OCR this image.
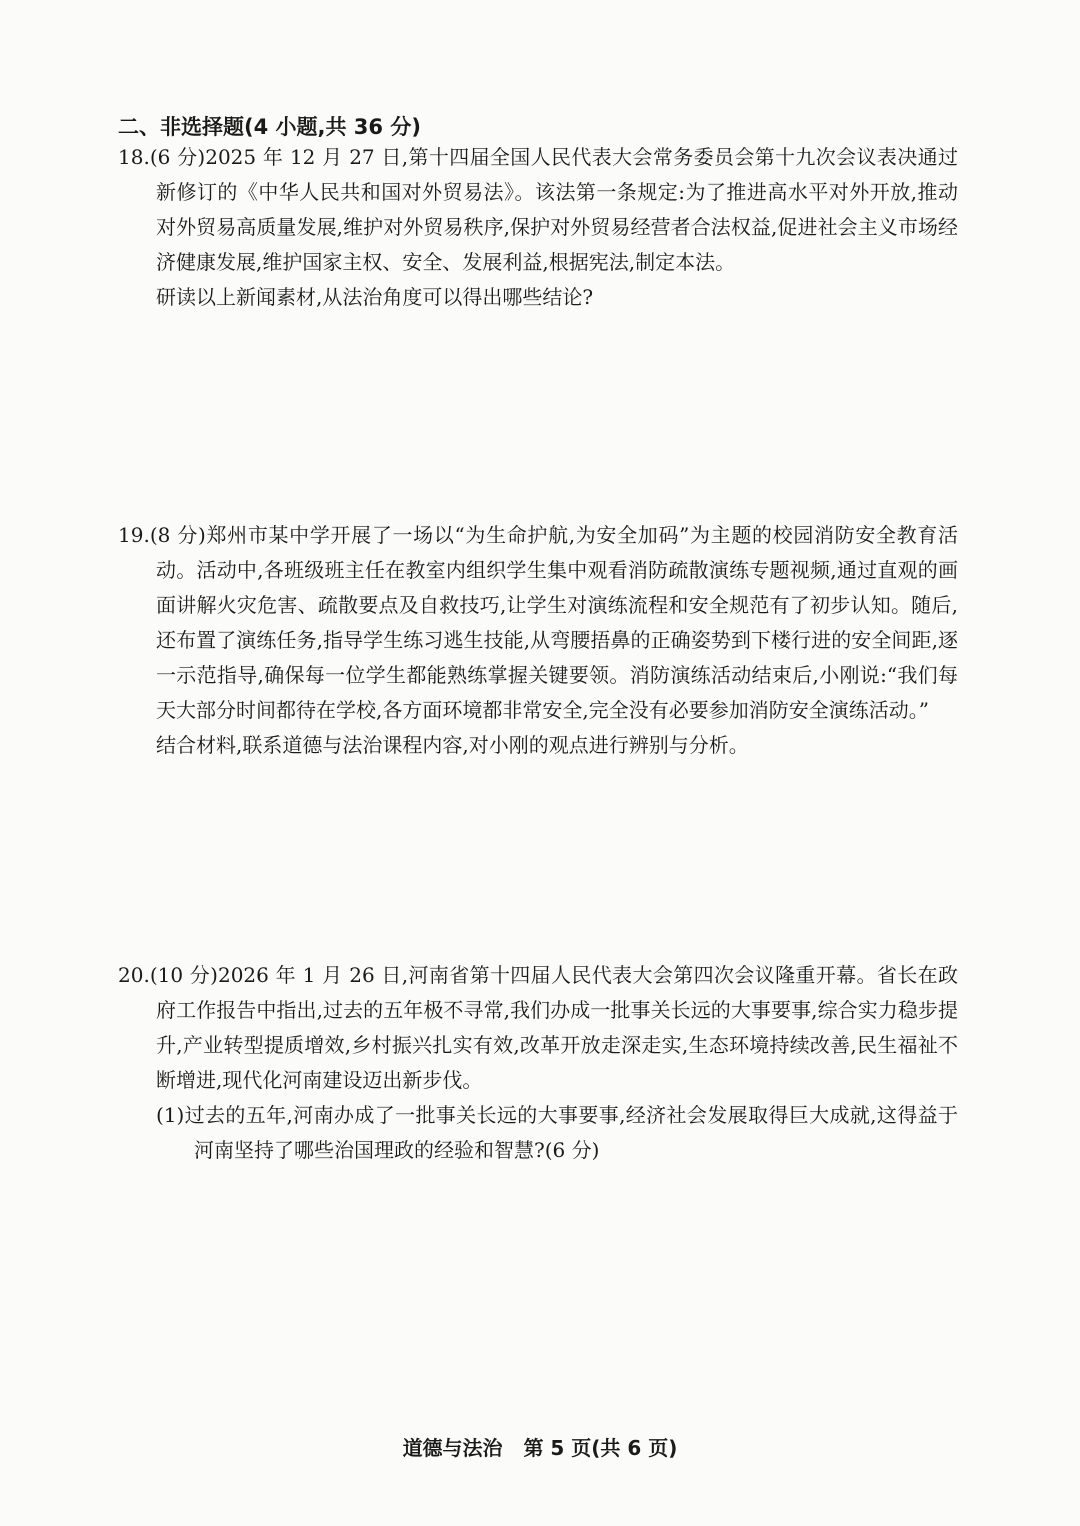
二、非选择题(4 小题,共 36 分)

18.(6 分)2025 年 12 月 27 日,第十四届全国人民代表大会常务委员会第十九次会议表决通过新修订的《中华人民共和国对外贸易法》。该法第一条规定:为了推进高水平对外开放,推动对外贸易高质量发展,维护对外贸易秩序,保护对外贸易经营者合法权益,促进社会主义市场经济健康发展,维护国家主权、安全、发展利益,根据宪法,制定本法。

研读以上新闻素材,从法治角度可以得出哪些结论?

19.(8 分)郑州市某中学开展了一场以“为生命护航,为安全加码”为主题的校园消防安全教育活动。活动中,各班级班主任在教室内组织学生集中观看消防疏散演练专题视频,通过直观的画面讲解火灾危害、疏散要点及自救技巧,让学生对演练流程和安全规范有了初步认知。随后,还布置了演练任务,指导学生练习逃生技能,从弯腰捂鼻的正确姿势到下楼行进的安全间距,逐一示范指导,确保每一位学生都能熟练掌握关键要领。消防演练活动结束后,小刚说:“我们每天大部分时间都待在学校,各方面环境都非常安全,完全没有必要参加消防安全演练活动。”

结合材料,联系道德与法治课程内容,对小刚的观点进行辨别与分析。

20.(10 分)2026 年 1 月 26 日,河南省第十四届人民代表大会第四次会议隆重开幕。省长在政府工作报告中指出,过去的五年极不寻常,我们办成一批事关长远的大事要事,综合实力稳步提升,产业转型提质增效,乡村振兴扎实有效,改革开放走深走实,生态环境持续改善,民生福祉不断增进,现代化河南建设迈出新步伐。

(1)过去的五年,河南办成了一批事关长远的大事要事,经济社会发展取得巨大成就,这得益于河南坚持了哪些治国理政的经验和智慧?(6 分)

道德与法治 第 5 页(共 6 页)
